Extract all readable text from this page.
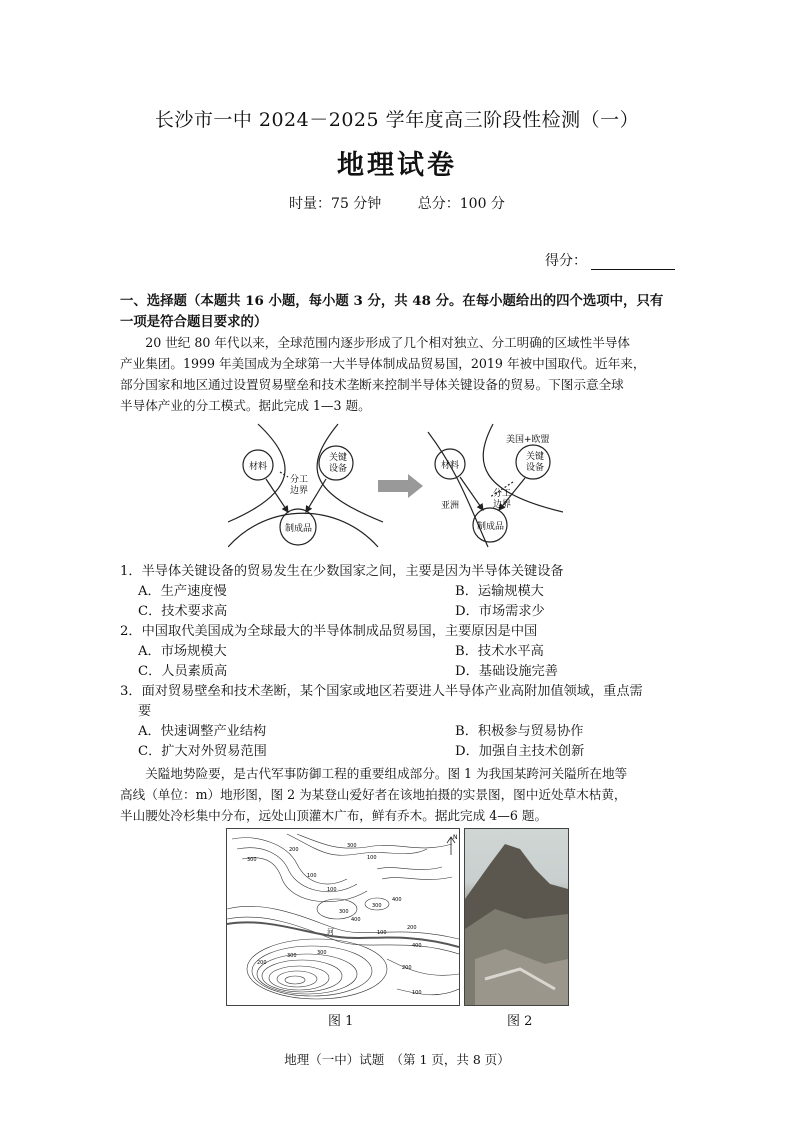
长沙市一中 2024－2025 学年度高三阶段性检测（一）
地理试卷
时量：75 分钟	总分：100 分
得分：
一、选择题（本题共 16 小题，每小题 3 分，共 48 分。在每小题给出的四个选项中，只有
一项是符合题目要求的）
20 世纪 80 年代以来，全球范围内逐步形成了几个相对独立、分工明确的区域性半导体
产业集团。1999 年美国成为全球第一大半导体制成品贸易国，2019 年被中国取代。近年来，
部分国家和地区通过设置贸易壁垒和技术垄断来控制半导体关键设备的贸易。下图示意全球
半导体产业的分工模式。据此完成 1—3 题。
材料
关键
设备
分工
边界
制成品
美国+欧盟
亚洲
材料
关键
设备
分工
边界
制成品
1．半导体关键设备的贸易发生在少数国家之间，主要是因为半导体关键设备
A．生产速度慢	B．运输规模大
C．技术要求高	D．市场需求少
2．中国取代美国成为全球最大的半导体制成品贸易国，主要原因是中国
A．市场规模大	B．技术水平高
C．人员素质高	D．基础设施完善
3．面对贸易壁垒和技术垄断，某个国家或地区若要进人半导体产业高附加值领域，重点需
要
A．快速调整产业结构	B．积极参与贸易协作
C．扩大对外贸易范围	D．加强自主技术创新
关隘地势险要，是古代军事防御工程的重要组成部分。图 1 为我国某跨河关隘所在地等
高线（单位：m）地形图，图 2 为某登山爱好者在该地拍摄的实景图，图中近处草木枯黄，
半山腰处冷杉集中分布，远处山顶灌木广布，鲜有乔木。据此完成 4—6 题。
N
300
200
100
300
100
100
400
300
200
100
200
400
300
200
300
100
300
400
河
图 1	图 2
地理（一中）试题　（第 1 页，共 8 页）
